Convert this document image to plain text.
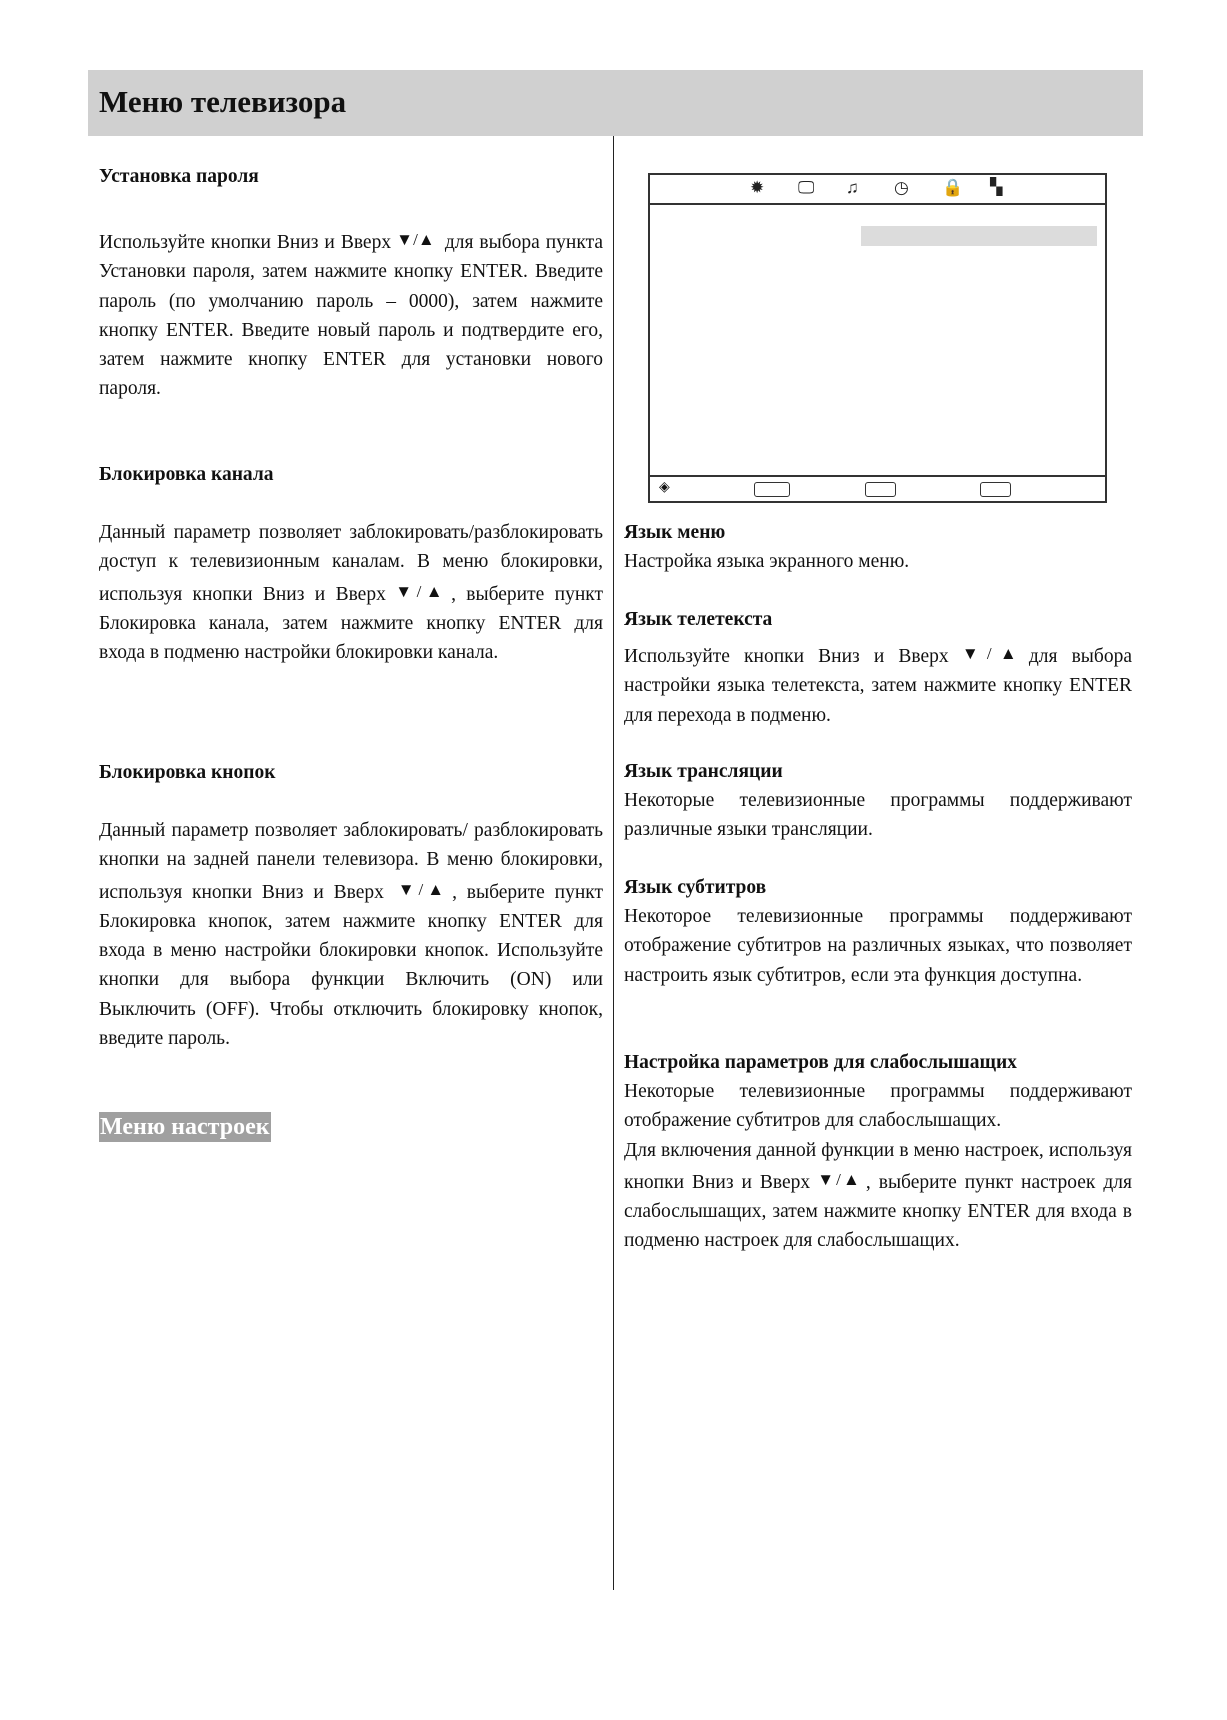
Меню телевизора
Установка пароля
Используйте кнопки Вниз и Вверх ▼/▲ для выбора пункта Установки пароля, затем нажмите кнопку ENTER. Введите пароль (по умолчанию пароль – 0000), затем нажмите кнопку ENTER. Введите новый пароль и подтвердите его, затем нажмите кнопку ENTER для установки нового пароля.
Блокировка канала
Данный параметр позволяет заблокировать/разблокировать доступ к телевизионным каналам. В меню блокировки, используя кнопки Вниз и Вверх ▼/▲ , выберите пункт Блокировка канала, затем нажмите кнопку ENTER для входа в подменю настройки блокировки канала.
Блокировка кнопок
Данный параметр позволяет заблокировать/ разблокировать кнопки на задней панели телевизора. В меню блокировки, используя кнопки Вниз и Вверх ▼/▲ , выберите пункт Блокировка кнопок, затем нажмите кнопку ENTER для входа в меню настройки блокировки кнопок. Используйте кнопки для выбора функции Включить (ON) или Выключить (OFF). Чтобы отключить блокировку кнопок, введите пароль.
Меню настроек
✹ 🖵 ♫ ◷ 🔒 ▚
◈
Язык меню
Настройка языка экранного меню.
Язык телетекста
Используйте кнопки Вниз и Вверх ▼/▲ для выбора настройки языка телетекста, затем нажмите кнопку ENTER для перехода в подменю.
Язык трансляции
Некоторые телевизионные программы поддерживают различные языки трансляции.
Язык субтитров
Некоторое телевизионные программы поддерживают отображение субтитров на различных языках, что позволяет настроить язык субтитров, если эта функция доступна.
Настройка параметров для слабослышащих
Некоторые телевизионные программы поддерживают отображение субтитров для слабослышащих.
Для включения данной функции в меню настроек, используя кнопки Вниз и Вверх ▼/▲ , выберите пункт настроек для слабослышащих, затем нажмите кнопку ENTER для входа в подменю настроек для слабослышащих.
